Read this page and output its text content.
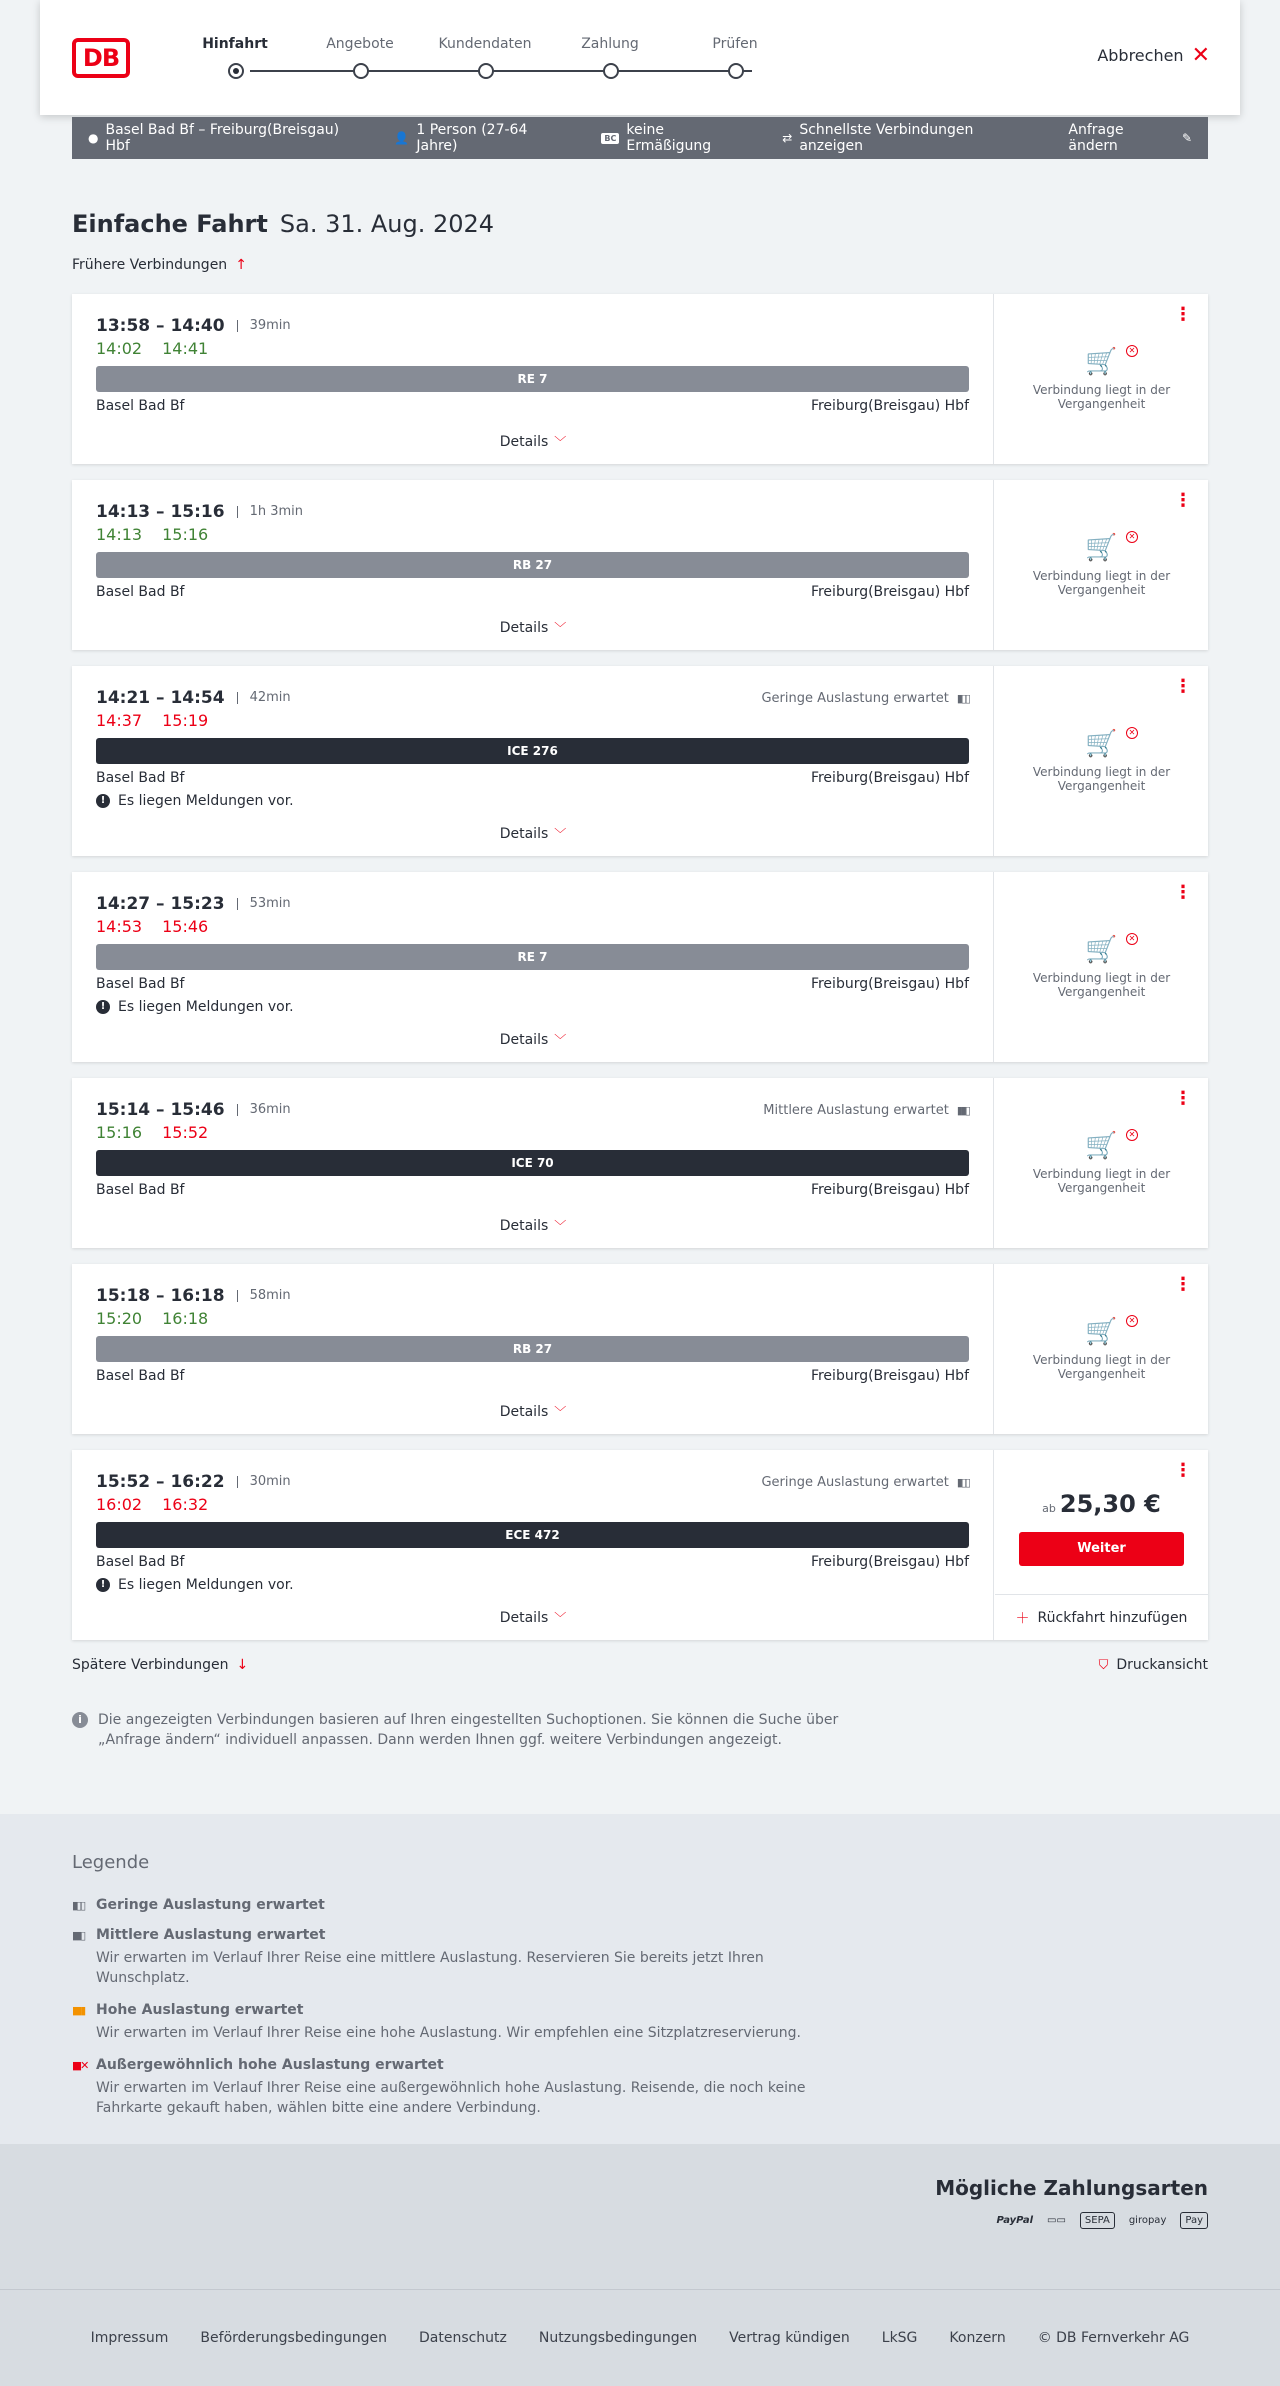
DB	Hinfahrt	Angebote	Kundendaten	Zahlung	Prüfen
Abbrechen ✕
● Basel Bad Bf – Freiburg(Breisgau) Hbf	👤 1 Person (27-64 Jahre)	BC keine Ermäßigung	⇄ Schnellste Verbindungen anzeigen
Anfrage ändern	✎
Einfache Fahrt Sa. 31. Aug. 2024
Frühere Verbindungen ↑
13:58 – 14:40	39min
14:02 14:41
RE 7
Basel Bad Bf	Freiburg(Breisgau) Hbf
Details ﹀
⋮
🛒	✕
Verbindung liegt in der Vergangenheit
14:13 – 15:16	1h 3min
14:13 15:16
RB 27
Basel Bad Bf	Freiburg(Breisgau) Hbf
Details ﹀
⋮
🛒	✕
Verbindung liegt in der Vergangenheit
14:21 – 14:54	42min	Geringe Auslastung erwartet ▮▯▯
14:37 15:19
ICE 276
Basel Bad Bf	Freiburg(Breisgau) Hbf
! Es liegen Meldungen vor.
Details ﹀
⋮
🛒	✕
Verbindung liegt in der Vergangenheit
14:27 – 15:23	53min
14:53 15:46
RE 7
Basel Bad Bf	Freiburg(Breisgau) Hbf
! Es liegen Meldungen vor.
Details ﹀
⋮
🛒	✕
Verbindung liegt in der Vergangenheit
15:14 – 15:46	36min	Mittlere Auslastung erwartet ▮▮▯
15:16 15:52
ICE 70
Basel Bad Bf	Freiburg(Breisgau) Hbf
Details ﹀
⋮
🛒	✕
Verbindung liegt in der Vergangenheit
15:18 – 16:18	58min
15:20 16:18
RB 27
Basel Bad Bf	Freiburg(Breisgau) Hbf
Details ﹀
⋮
🛒	✕
Verbindung liegt in der Vergangenheit
15:52 – 16:22	30min	Geringe Auslastung erwartet ▮▯▯
16:02 16:32
ECE 472
Basel Bad Bf	Freiburg(Breisgau) Hbf
! Es liegen Meldungen vor.
Details ﹀
⋮
ab 25,30 €
Weiter
＋ Rückfahrt hinzufügen
Spätere Verbindungen ↓	⛉ Druckansicht
i	Die angezeigten Verbindungen basieren auf Ihren eingestellten Suchoptionen. Sie können die Suche über „Anfrage ändern“ individuell anpassen. Dann werden Ihnen ggf. weitere Verbindungen angezeigt.
Legende
▮▯▯ Geringe Auslastung erwartet
▮▮▯ Mittlere Auslastung erwartet
Wir erwarten im Verlauf Ihrer Reise eine mittlere Auslastung. Reservieren Sie bereits jetzt Ihren Wunschplatz.
▮▮▮ Hohe Auslastung erwartet
Wir erwarten im Verlauf Ihrer Reise eine hohe Auslastung. Wir empfehlen eine Sitzplatzreservierung.
▮▮✕ Außergewöhnlich hohe Auslastung erwartet
Wir erwarten im Verlauf Ihrer Reise eine außergewöhnlich hohe Auslastung. Reisende, die noch keine Fahrkarte gekauft haben, wählen bitte eine andere Verbindung.
Mögliche Zahlungsarten
PayPal ▭▭	SEPA	giropay	Pay
Impressum Beförderungsbedingungen Datenschutz Nutzungsbedingungen Vertrag kündigen LkSG Konzern © DB Fernverkehr AG
